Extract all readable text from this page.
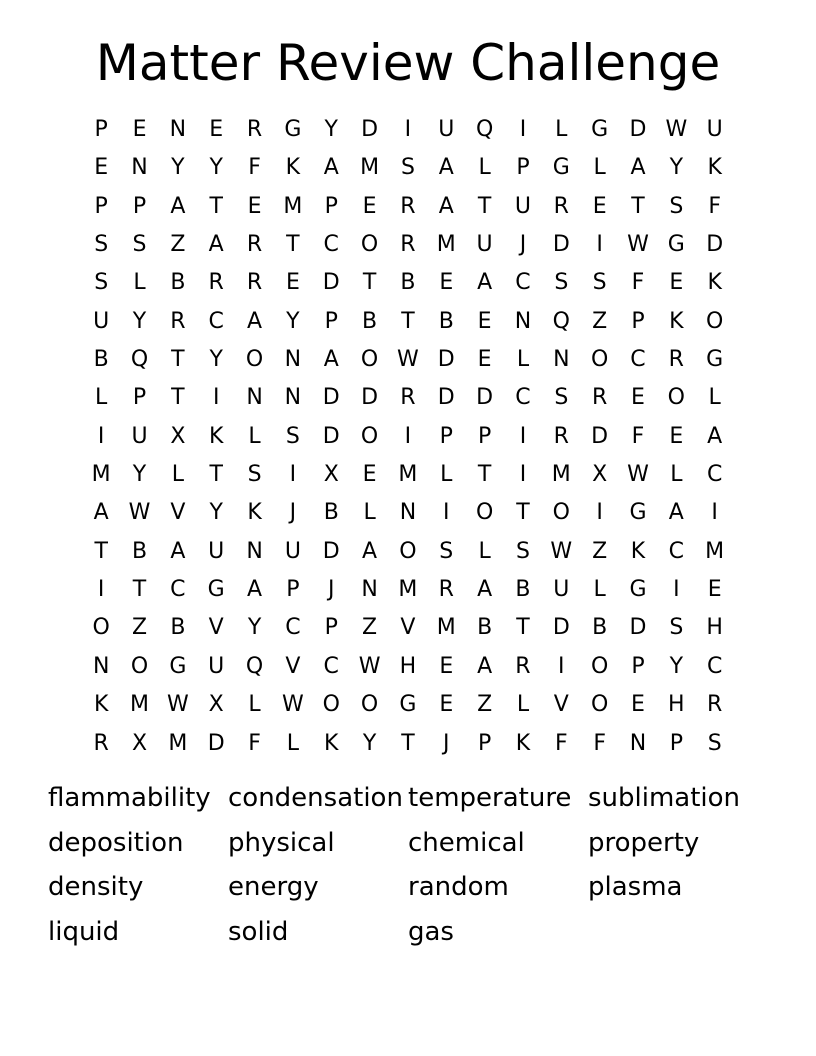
Matter Review Challenge
P	E	N	E	R	G	Y	D	I	U Q	I	L	G D W U
E	N	Y	Y	F	K	A M S	A	L	P	G	L	A	Y	K
P	P	A	T	E M	P	E	R	A	T	U	R	E	T	S	F
S	S	Z	A	R	T	C O	R M U	J	D	I	W G D
S	L	B	R	R	E	D	T	B	E	A	C	S	S	F	E	K
U	Y	R	C	A	Y	P	B	T	B	E	N Q	Z	P	K	O
B	Q	T	Y	O N	A	O W D	E	L	N O	C	R	G
L	P	T	I	N N D D	R	D D	C	S	R	E	O	L
I	U	X	K	L	S	D O	I	P	P	I	R	D	F	E	A
M	Y	L	T	S	I	X	E M	L	T	I	M X W L	C
A W V	Y	K	J	B	L	N	I	O	T	O	I	G	A	I
T	B	A	U	N	U D	A	O	S	L	S W Z	K	C M
I	T	C	G	A	P	J	N M R	A	B	U	L	G	I	E
O	Z	B	V	Y	C	P	Z	V M B	T	D	B	D	S	H
N O G U Q	V	C W H	E	A	R	I	O	P	Y	C
K M W X	L W O O G	E	Z	L	V	O	E	H	R
R	X M D	F	L	K	Y	T	J	P	K	F	F	N	P	S
flammability condensation temperature sublimation
deposition	physical	chemical	property
density	energy	random	plasma
liquid	solid	gas
